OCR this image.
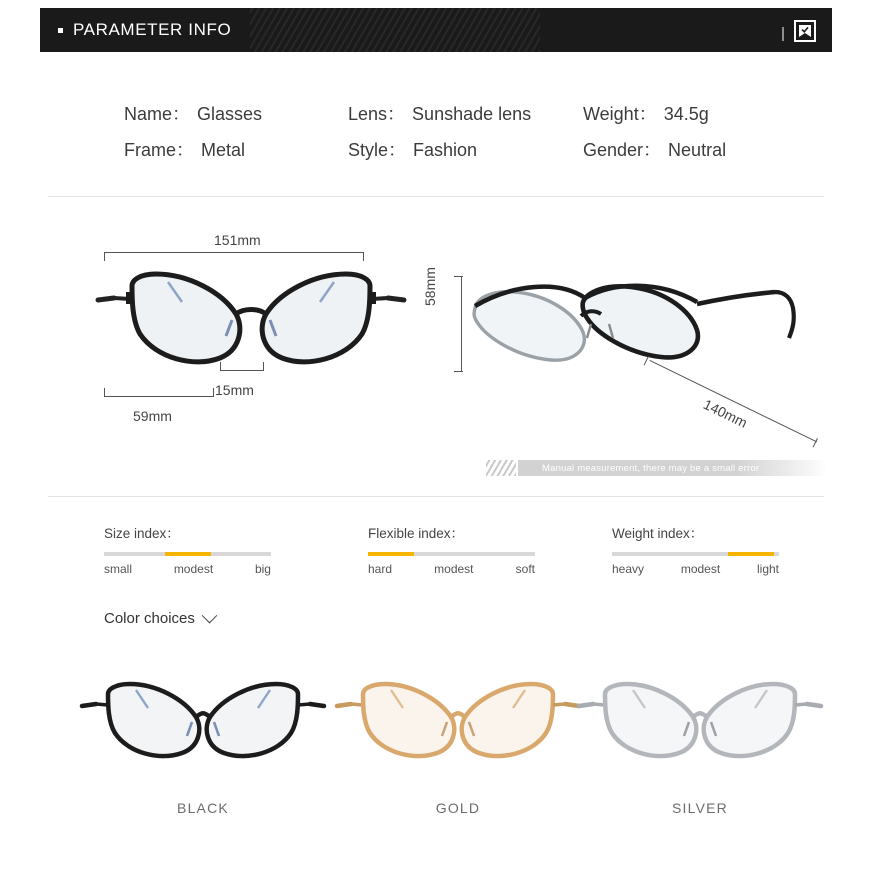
PARAMETER INFO
Name： Glasses	Lens： Sunshade lens	Weight： 34.5g
Frame： Metal	Style： Fashion	Gender： Neutral
151mm
15mm
59mm
58mm
140mm
Manual measurement, there may be a small error
Size index：
small	modest	big
Flexible index：
hard	modest	soft
Weight index：
heavy	modest	light
Color choices
BLACK	GOLD	SILVER
